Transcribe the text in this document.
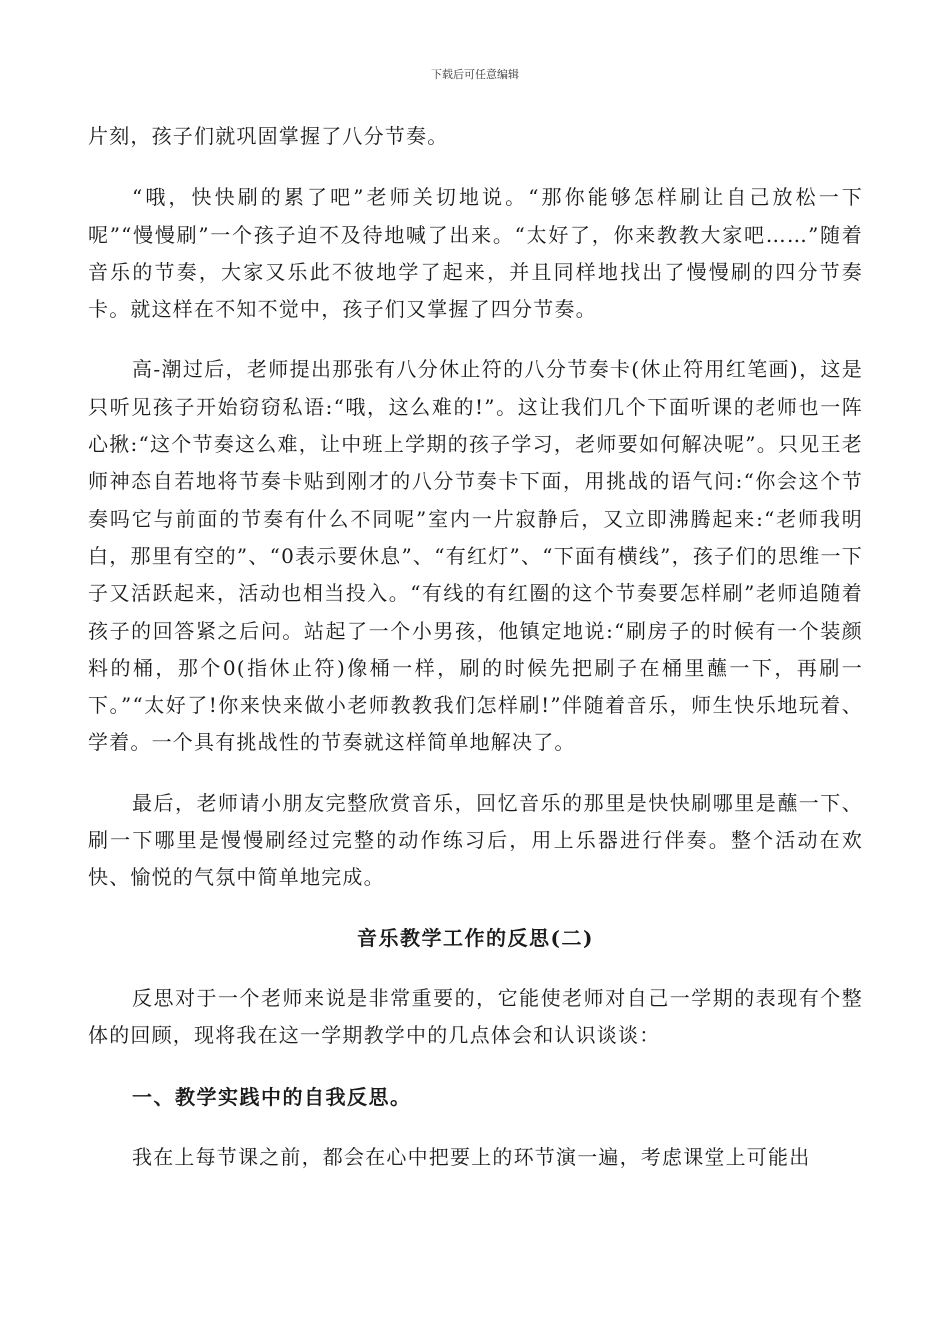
下载后可任意编辑

片刻，孩子们就巩固掌握了八分节奏。

“哦，快快刷的累了吧”老师关切地说。“那你能够怎样刷让自己放松一下呢”“慢慢刷”一个孩子迫不及待地喊了出来。“太好了，你来教教大家吧……”随着音乐的节奏，大家又乐此不彼地学了起来，并且同样地找出了慢慢刷的四分节奏卡。就这样在不知不觉中，孩子们又掌握了四分节奏。

高-潮过后，老师提出那张有八分休止符的八分节奏卡(休止符用红笔画)，这是只听见孩子开始窃窃私语:“哦，这么难的!”。这让我们几个下面听课的老师也一阵心揪:“这个节奏这么难，让中班上学期的孩子学习，老师要如何解决呢”。只见王老师神态自若地将节奏卡贴到刚才的八分节奏卡下面，用挑战的语气问:“你会这个节奏吗它与前面的节奏有什么不同呢”室内一片寂静后，又立即沸腾起来:“老师我明白，那里有空的”、“0表示要休息”、“有红灯”、“下面有横线”，孩子们的思维一下子又活跃起来，活动也相当投入。“有线的有红圈的这个节奏要怎样刷”老师追随着孩子的回答紧之后问。站起了一个小男孩，他镇定地说:“刷房子的时候有一个装颜料的桶，那个0(指休止符)像桶一样，刷的时候先把刷子在桶里蘸一下，再刷一下。”“太好了!你来快来做小老师教教我们怎样刷!”伴随着音乐，师生快乐地玩着、学着。一个具有挑战性的节奏就这样简单地解决了。

最后，老师请小朋友完整欣赏音乐，回忆音乐的那里是快快刷哪里是蘸一下、刷一下哪里是慢慢刷经过完整的动作练习后，用上乐器进行伴奏。整个活动在欢快、愉悦的气氛中简单地完成。

音乐教学工作的反思(二)

反思对于一个老师来说是非常重要的，它能使老师对自己一学期的表现有个整体的回顾，现将我在这一学期教学中的几点体会和认识谈谈：

一、教学实践中的自我反思。

我在上每节课之前，都会在心中把要上的环节演一遍，考虑课堂上可能出
